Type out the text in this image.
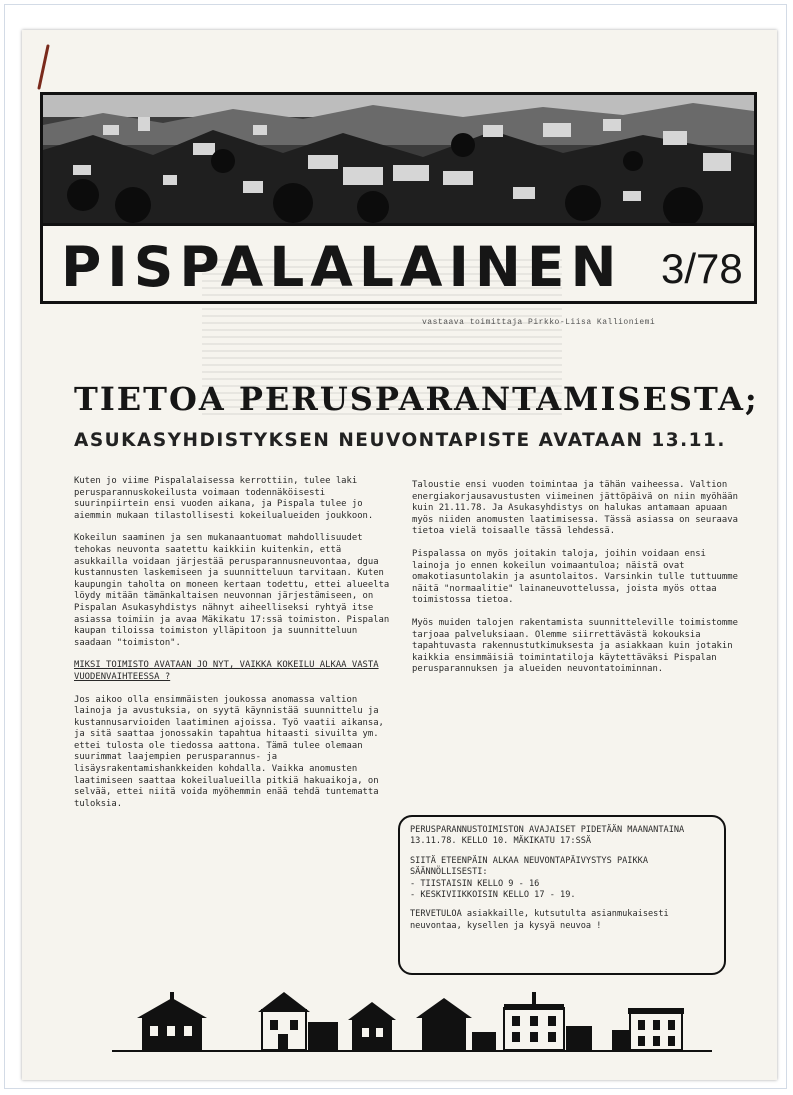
PISPALALAINEN 3/78
vastaava toimittaja Pirkko-Liisa Kallioniemi
TIETOA PERUSPARANTAMISESTA;
ASUKASYHDISTYKSEN NEUVONTAPISTE AVATAAN 13.11.

Kuten jo viime Pispalalaisessa kerrottiin, tulee laki perusparannuskokeilusta voimaan todennäköisesti suurinpiirtein ensi vuoden aikana, ja Pispala tulee jo aiemmin mukaan tilastollisesti kokeilualueiden joukkoon.

Kokeilun saaminen ja sen mukanaantuomat mahdollisuudet tehokas neuvonta saatettu kaikkiin kuitenkin, että asukkailla voidaan järjestää perusparannusneuvontaa, dgua kustannusten laskemiseen ja suunnitteluun tarvitaan. Kuten kaupungin taholta on moneen kertaan todettu, ettei alueelta löydy mitään tämänkaltaisen neuvonnan järjestämiseen, on Pispalan Asukasyhdistys nähnyt aiheelliseksi ryhtyä itse asiassa toimiin ja avaa Mäkikatu 17:ssä toimiston. Pispalan kaupan tiloissa toimiston ylläpitoon ja suunnitteluun saadaan "toimiston".

MIKSI TOIMISTO AVATAAN JO NYT, VAIKKA KOKEILU ALKAA VASTA VUODENVAIHTEESSA ?

Jos aikoo olla ensimmäisten joukossa anomassa valtion lainoja ja avustuksia, on syytä käynnistää suunnittelu ja kustannusarvioiden laatiminen ajoissa. Työ vaatii aikansa, ja sitä saattaa jonossakin tapahtua hitaasti sivuilta ym. ettei tulosta ole tiedossa aattona. Tämä tulee olemaan suurimmat laajempien perusparannus- ja lisäysrakentamishankkeiden kohdalla. Vaikka anomusten laatimiseen saattaa kokeilualueilla pitkiä hakuaikoja, on selvää, ettei niitä voida myöhemmin enää tehdä tuntematta tuloksia.

Taloustie ensi vuoden toimintaa ja tähän vaiheessa. Valtion energiakorjausavustusten viimeinen jättöpäivä on niin myöhään kuin 21.11.78. Ja Asukasyhdistys on halukas antamaan apuaan myös niiden anomusten laatimisessa. Tässä asiassa on seuraava tietoa vielä toisaalle tässä lehdessä.

Pispalassa on myös joitakin taloja, joihin voidaan ensi lainoja jo ennen kokeilun voimaantuloa; näistä ovat omakotiasuntolakin ja asuntolaitos. Varsinkin tulle tuttuumme näitä "normaalitie" lainaneuvottelussa, joista myös ottaa toimistossa tietoa.

Myös muiden talojen rakentamista suunnitteleville toimistomme tarjoaa palveluksiaan. Olemme siirrettävästä kokouksia tapahtuvasta rakennustutkimuksesta ja asiakkaan kuin jotakin kaikkia ensimmäisiä toimintatiloja käytettäväksi Pispalan perusparannuksen ja alueiden neuvontatoiminnan.

PERUSPARANNUSTOIMISTON AVAJAISET PIDETÄÄN MAANANTAINA 13.11.78. KELLO 10. MÄKIKATU 17:SSÄ

SIITÄ ETEENPÄIN ALKAA NEUVONTAPÄIVYSTYS PAIKKA SÄÄNNÖLLISESTI:

- TIISTAISIN KELLO 9 - 16

- KESKIVIIKKOISIN KELLO 17 - 19.

TERVETULOA asiakkaille, kutsutulta asianmukaisesti neuvontaa, kysellen ja kysyä neuvoa !
